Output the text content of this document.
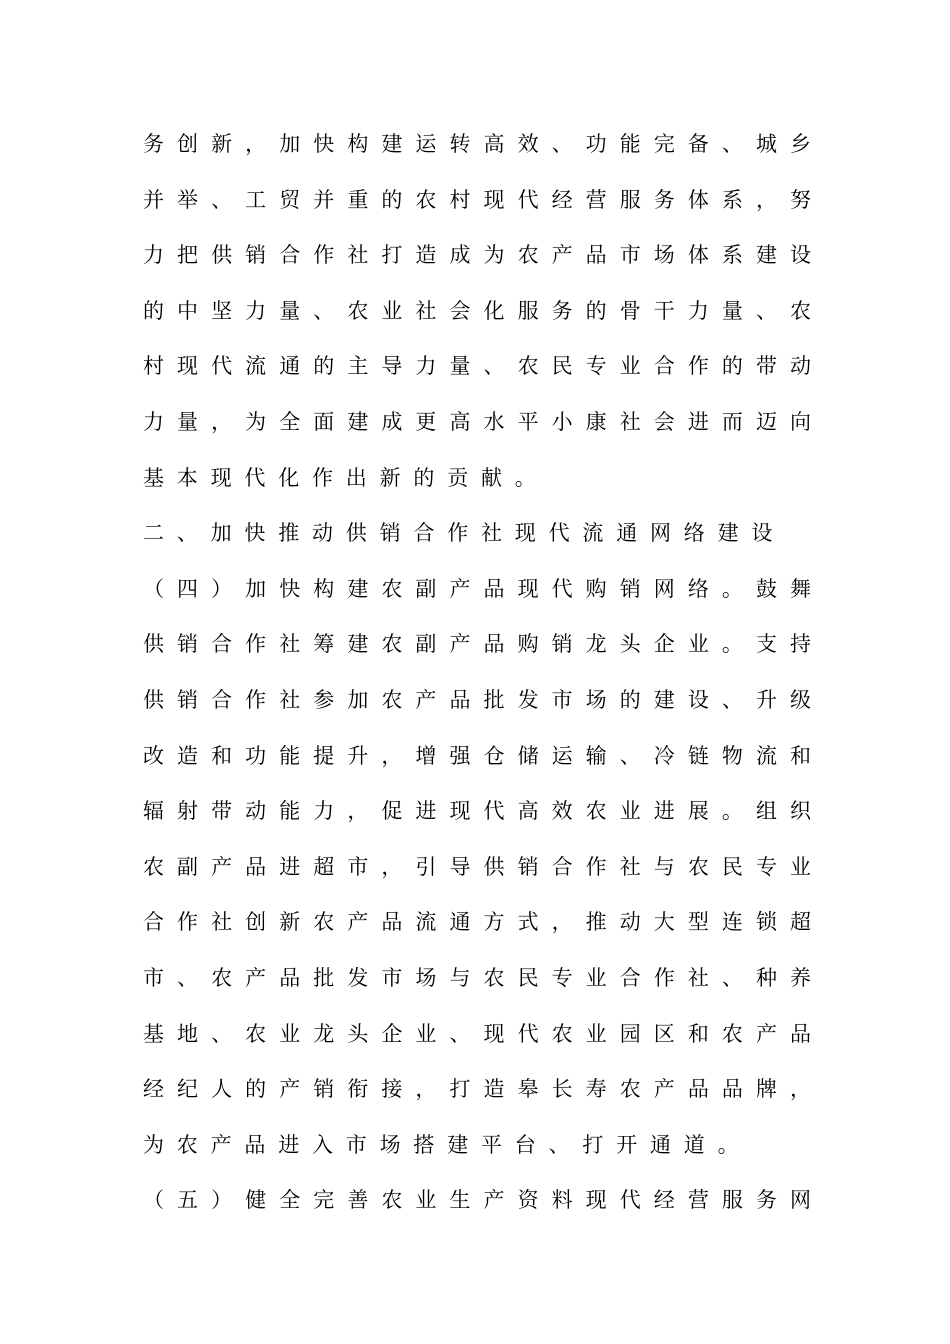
务创新，加快构建运转高效、功能完备、城乡
并举、工贸并重的农村现代经营服务体系，努
力把供销合作社打造成为农产品市场体系建设
的中坚力量、农业社会化服务的骨干力量、农
村现代流通的主导力量、农民专业合作的带动
力量，为全面建成更高水平小康社会进而迈向
基本现代化作出新的贡献。
二、加快推动供销合作社现代流通网络建设
（四）加快构建农副产品现代购销网络。鼓舞
供销合作社筹建农副产品购销龙头企业。支持
供销合作社参加农产品批发市场的建设、升级
改造和功能提升，增强仓储运输、冷链物流和
辐射带动能力，促进现代高效农业进展。组织
农副产品进超市，引导供销合作社与农民专业
合作社创新农产品流通方式，推动大型连锁超
市、农产品批发市场与农民专业合作社、种养
基地、农业龙头企业、现代农业园区和农产品
经纪人的产销衔接，打造皋长寿农产品品牌，
为农产品进入市场搭建平台、打开通道。
（五）健全完善农业生产资料现代经营服务网
